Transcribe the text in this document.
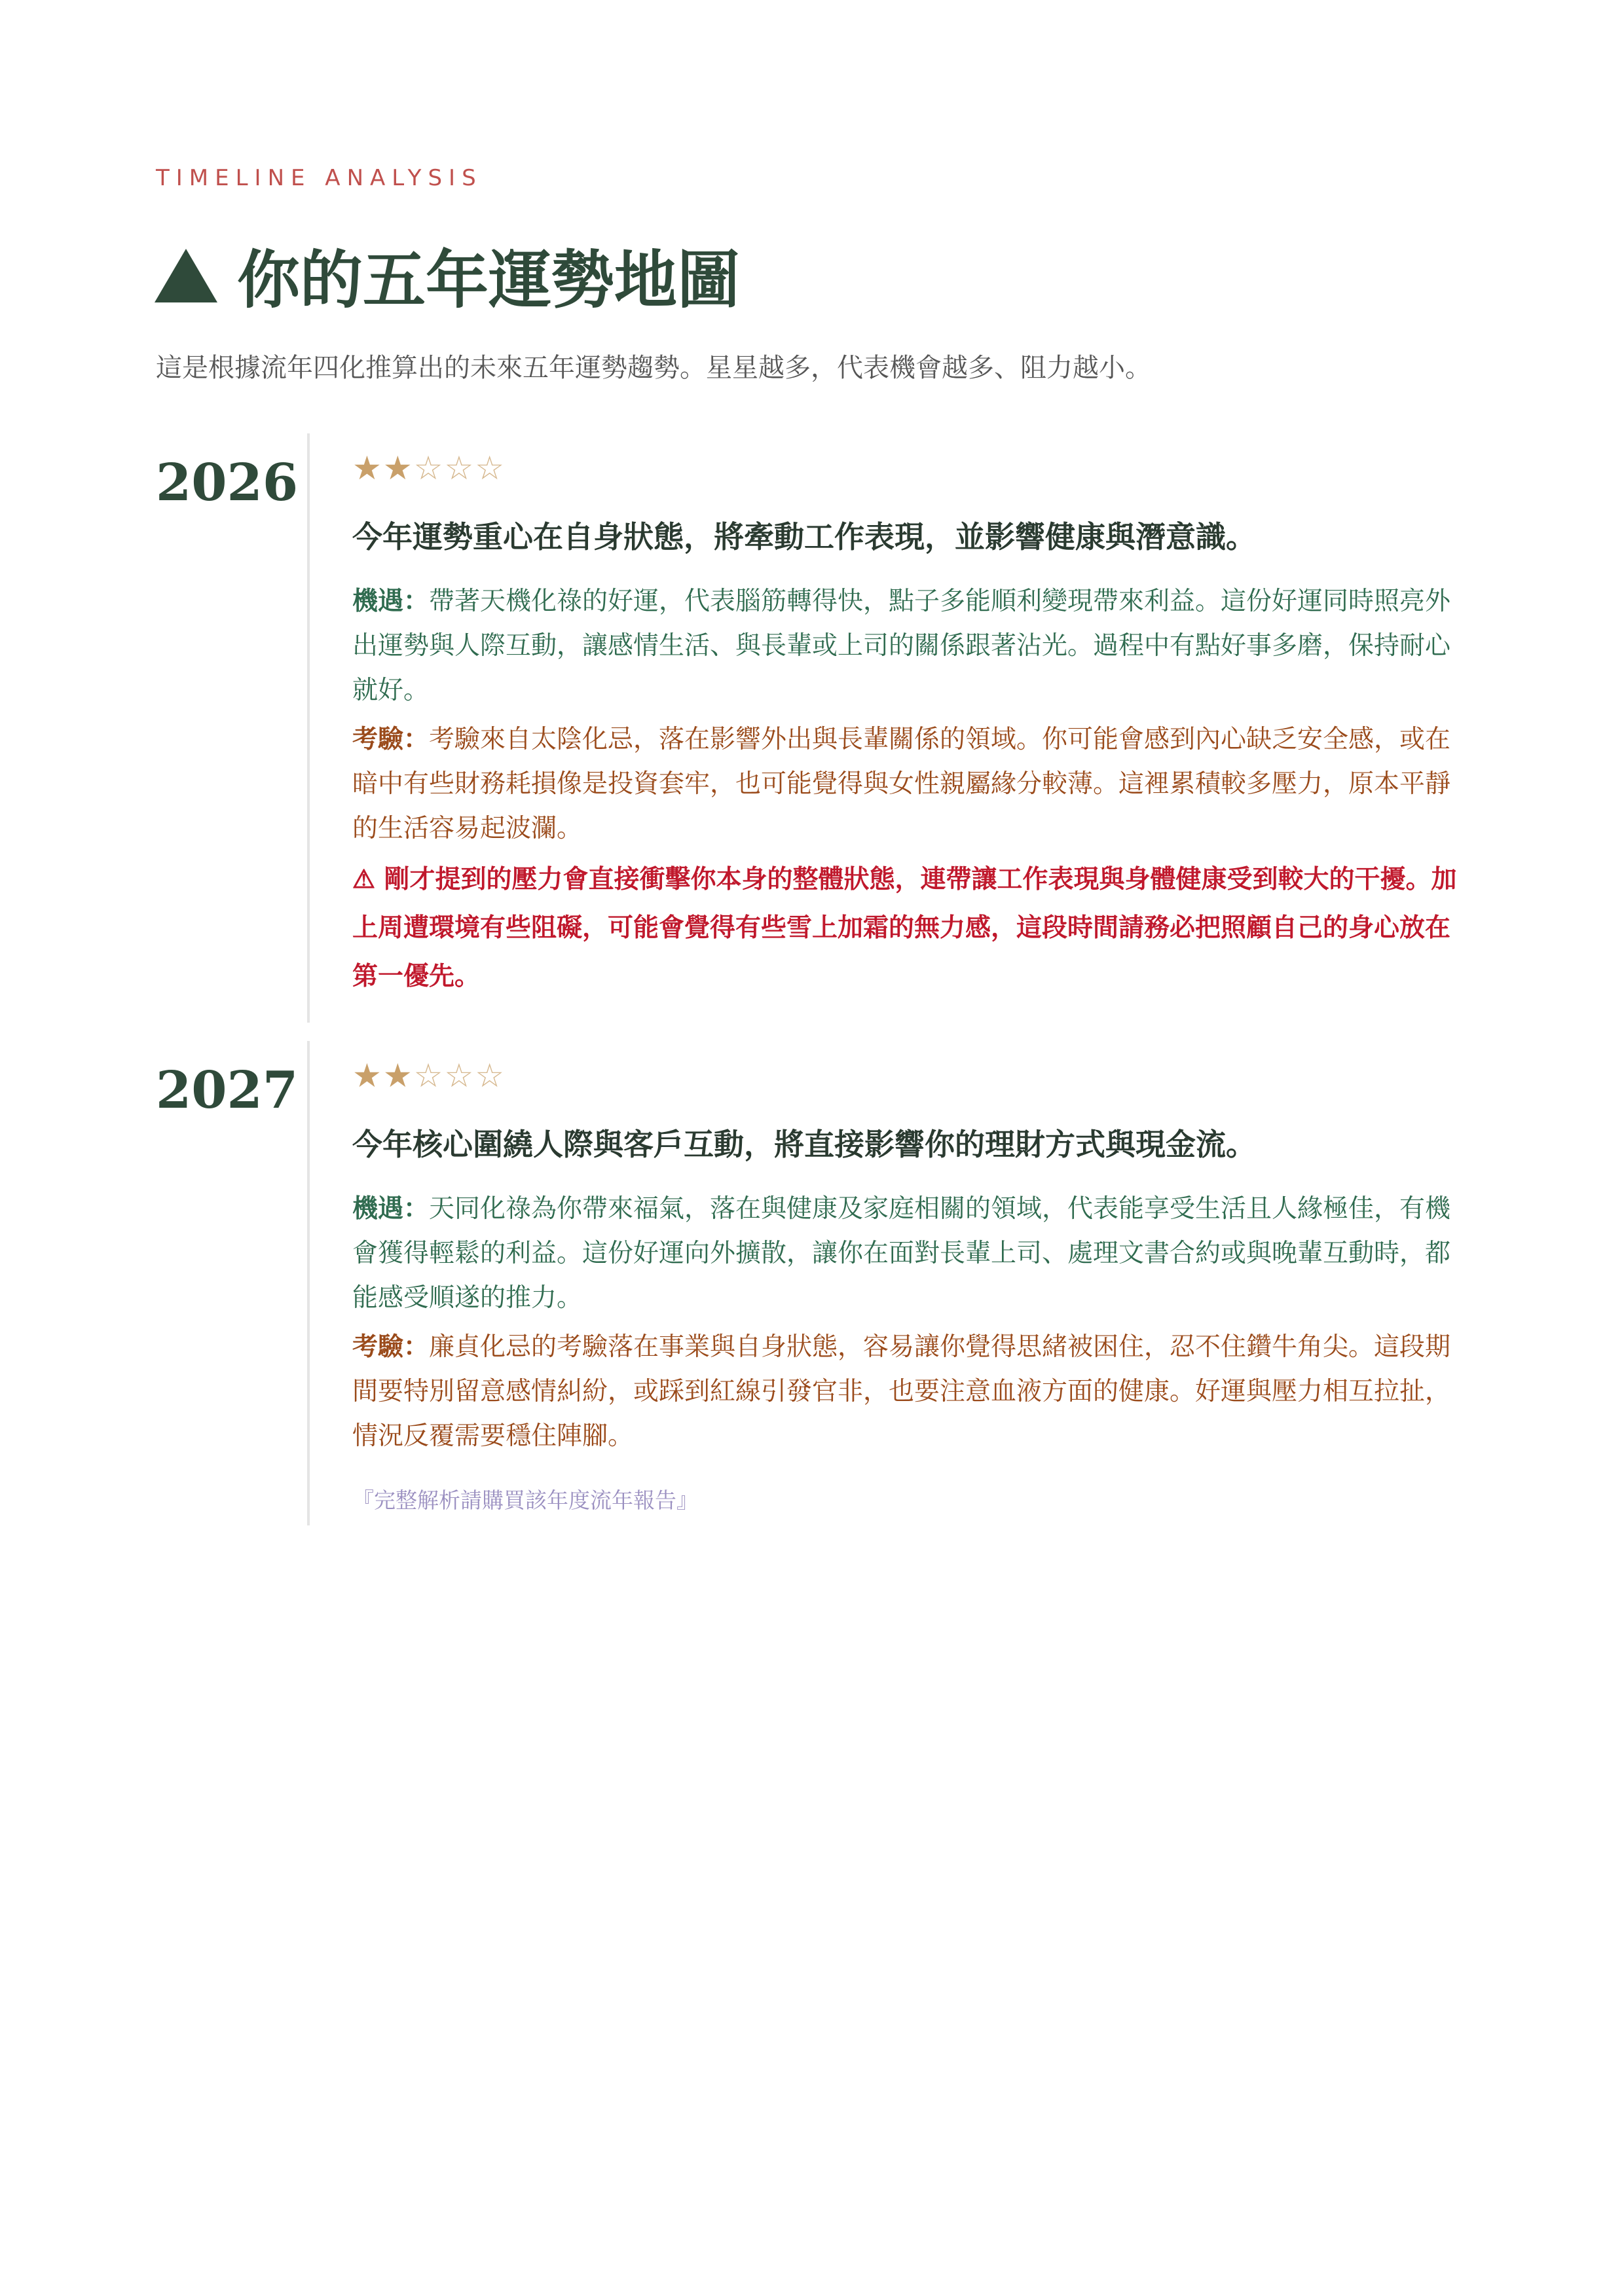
TIMELINE ANALYSIS
你的五年運勢地圖
這是根據流年四化推算出的未來五年運勢趨勢。星星越多，代表機會越多、阻力越小。
2026 ★★☆☆☆
今年運勢重心在自身狀態，將牽動工作表現，並影響健康與潛意識。
機遇：帶著天機化祿的好運，代表腦筋轉得快，點子多能順利變現帶來利益。這份好運同時照亮外出運勢與人際互動，讓感情生活、與長輩或上司的關係跟著沾光。過程中有點好事多磨，保持耐心就好。
考驗：考驗來自太陰化忌，落在影響外出與長輩關係的領域。你可能會感到內心缺乏安全感，或在暗中有些財務耗損像是投資套牢，也可能覺得與女性親屬緣分較薄。這裡累積較多壓力，原本平靜的生活容易起波瀾。
⚠ 剛才提到的壓力會直接衝擊你本身的整體狀態，連帶讓工作表現與身體健康受到較大的干擾。加上周遭環境有些阻礙，可能會覺得有些雪上加霜的無力感，這段時間請務必把照顧自己的身心放在第一優先。
2027 ★★☆☆☆
今年核心圍繞人際與客戶互動，將直接影響你的理財方式與現金流。
機遇：天同化祿為你帶來福氣，落在與健康及家庭相關的領域，代表能享受生活且人緣極佳，有機會獲得輕鬆的利益。這份好運向外擴散，讓你在面對長輩上司、處理文書合約或與晚輩互動時，都能感受順遂的推力。
考驗：廉貞化忌的考驗落在事業與自身狀態，容易讓你覺得思緒被困住，忍不住鑽牛角尖。這段期間要特別留意感情糾紛，或踩到紅線引發官非，也要注意血液方面的健康。好運與壓力相互拉扯，情況反覆需要穩住陣腳。
『完整解析請購買該年度流年報告』
